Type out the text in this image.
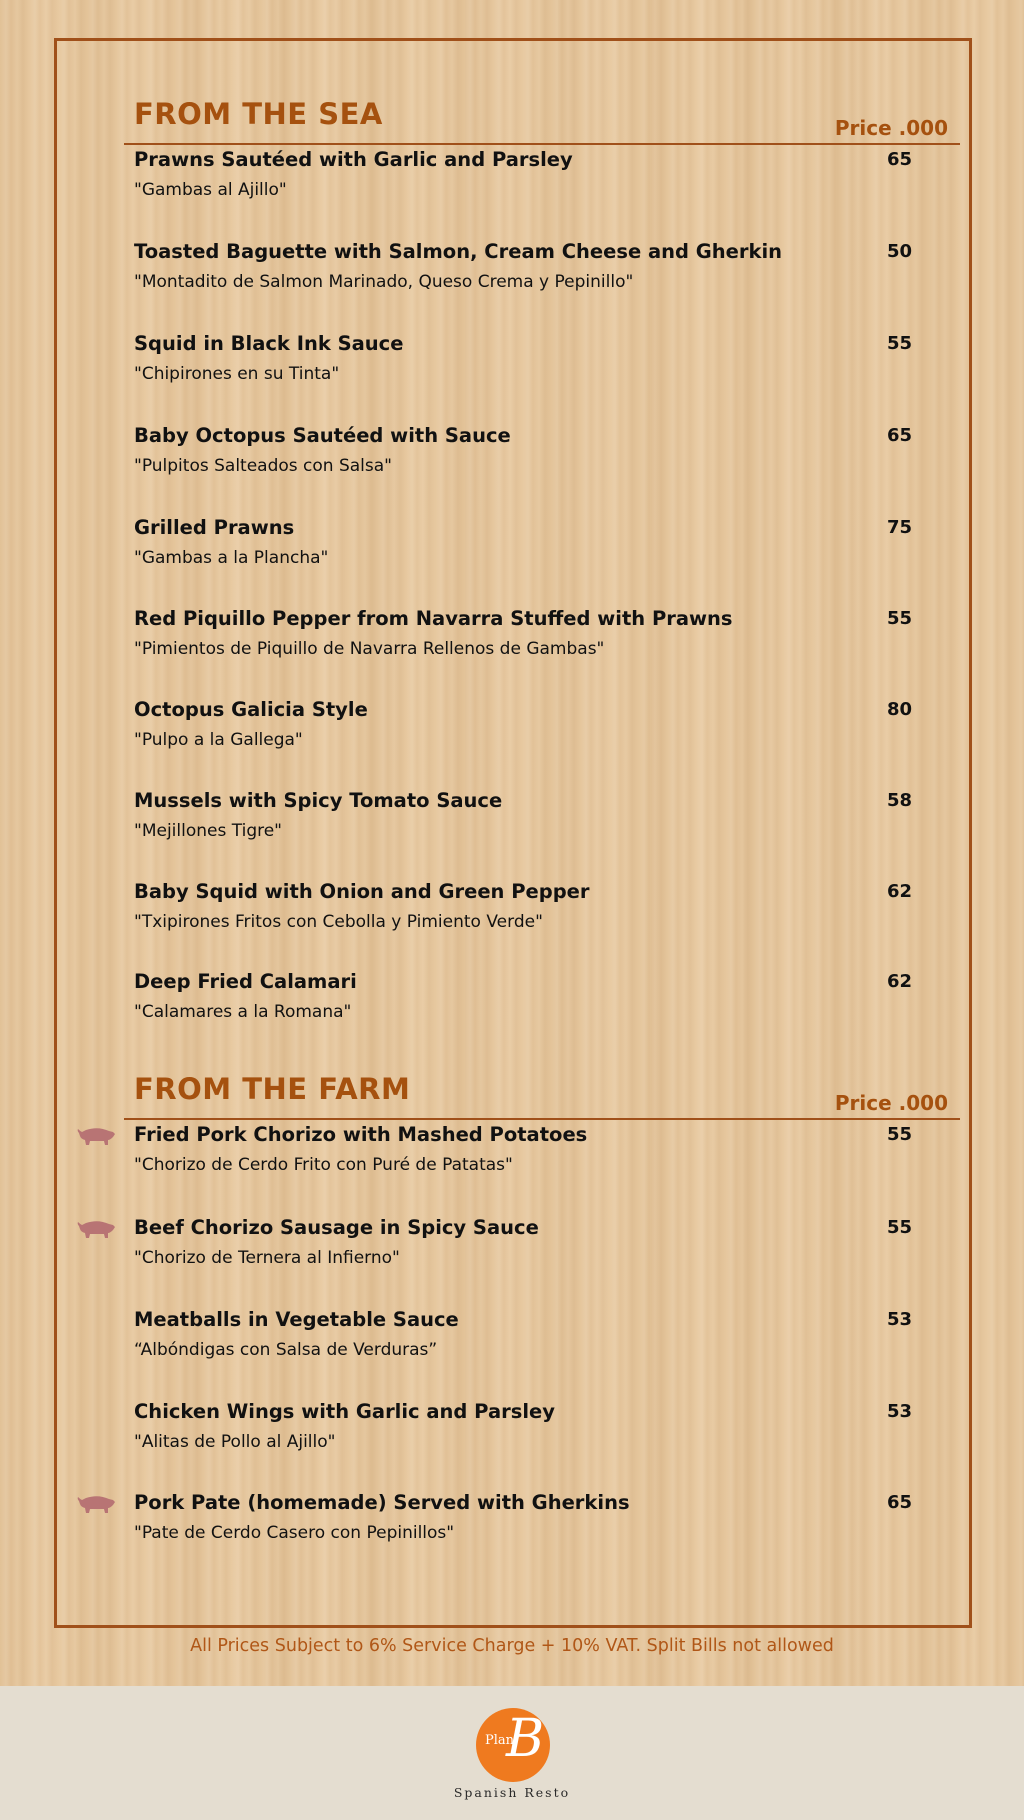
FROM THE SEA	Price .000
Prawns Sautéed with Garlic and Parsley
"Gambas al Ajillo"
65
Toasted Baguette with Salmon, Cream Cheese and Gherkin
"Montadito de Salmon Marinado, Queso Crema y Pepinillo"
50
Squid in Black Ink Sauce
"Chipirones en su Tinta"
55
Baby Octopus Sautéed with Sauce
"Pulpitos Salteados con Salsa"
65
Grilled Prawns
"Gambas a la Plancha"
75
Red Piquillo Pepper from Navarra Stuffed with Prawns
"Pimientos de Piquillo de Navarra Rellenos de Gambas"
55
Octopus Galicia Style
"Pulpo a la Gallega"
80
Mussels with Spicy Tomato Sauce
"Mejillones Tigre"
58
Baby Squid with Onion and Green Pepper
"Txipirones Fritos con Cebolla y Pimiento Verde"
62
Deep Fried Calamari
"Calamares a la Romana"
62
FROM THE FARM	Price .000
Fried Pork Chorizo with Mashed Potatoes
"Chorizo de Cerdo Frito con Puré de Patatas"
55
Beef Chorizo Sausage in Spicy Sauce
"Chorizo de Ternera al Infierno"
55
Meatballs in Vegetable Sauce
“Albóndigas con Salsa de Verduras”
53
Chicken Wings with Garlic and Parsley
"Alitas de Pollo al Ajillo"
53
Pork Pate (homemade) Served with Gherkins
"Pate de Cerdo Casero con Pepinillos"
65
All Prices Subject to 6% Service Charge + 10% VAT. Split Bills not allowed
Plan
B
Spanish Resto
